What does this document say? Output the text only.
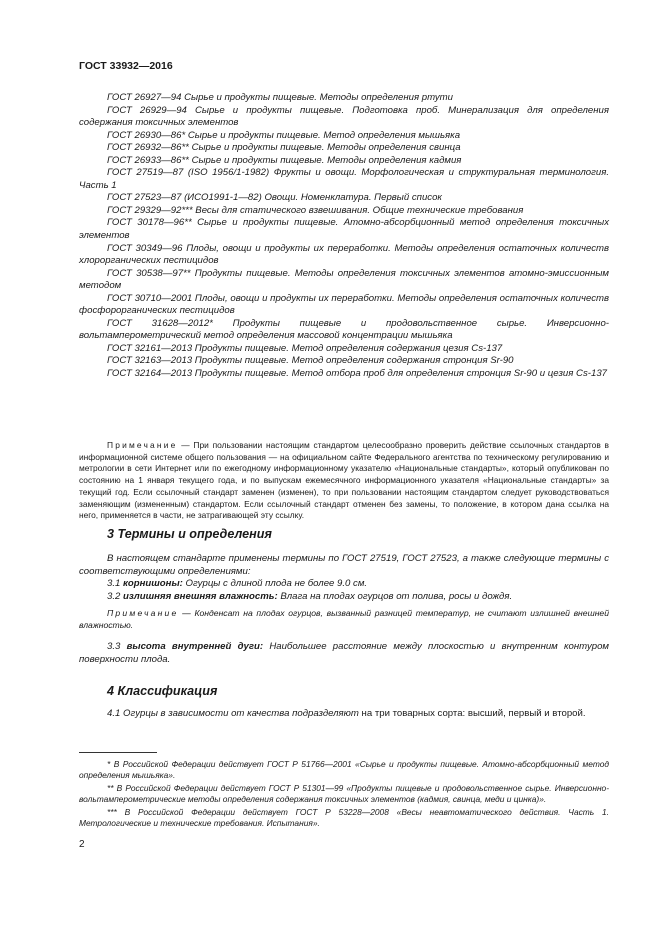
ГОСТ 33932—2016

ГОСТ 26927—94 Сырье и продукты пищевые. Методы определения ртути

ГОСТ 26929—94 Сырье и продукты пищевые. Подготовка проб. Минерализация для определения содержания токсичных элементов

ГОСТ 26930—86* Сырье и продукты пищевые. Метод определения мышьяка

ГОСТ 26932—86** Сырье и продукты пищевые. Методы определения свинца

ГОСТ 26933—86** Сырье и продукты пищевые. Методы определения кадмия

ГОСТ 27519—87 (ISO 1956/1-1982) Фрукты и овощи. Морфологическая и структуральная терминология. Часть 1

ГОСТ 27523—87 (ИСО1991-1—82) Овощи. Номенклатура. Первый список

ГОСТ 29329—92*** Весы для статического взвешивания. Общие технические требования

ГОСТ 30178—96** Сырье и продукты пищевые. Атомно-абсорбционный метод определения токсичных элементов

ГОСТ 30349—96 Плоды, овощи и продукты их переработки. Методы определения остаточных количеств хлорорганических пестицидов

ГОСТ 30538—97** Продукты пищевые. Методы определения токсичных элементов атомно-эмиссионным методом

ГОСТ 30710—2001 Плоды, овощи и продукты их переработки. Методы определения остаточных количеств фосфорорганических пестицидов

ГОСТ 31628—2012* Продукты пищевые и продовольственное сырье. Инверсионно-вольтамперометрический метод определения массовой концентрации мышьяка

ГОСТ 32161—2013 Продукты пищевые. Метод определения содержания цезия Cs-137

ГОСТ 32163—2013 Продукты пищевые. Метод определения содержания стронция Sr-90

ГОСТ 32164—2013 Продукты пищевые. Метод отбора проб для определения стронция Sr-90 и цезия Cs-137

Примечание — При пользовании настоящим стандартом целесообразно проверить действие ссылочных стандартов в информационной системе общего пользования — на официальном сайте Федерального агентства по техническому регулированию и метрологии в сети Интернет или по ежегодному информационному указателю «Национальные стандарты», который опубликован по состоянию на 1 января текущего года, и по выпускам ежемесячного информационного указателя «Национальные стандарты» за текущий год. Если ссылочный стандарт заменен (изменен), то при пользовании настоящим стандартом следует руководствоваться заменяющим (измененным) стандартом. Если ссылочный стандарт отменен без замены, то положение, в котором дана ссылка на него, применяется в части, не затрагивающей эту ссылку.

3 Термины и определения

В настоящем стандарте применены термины по ГОСТ 27519, ГОСТ 27523, а также следующие термины с соответствующими определениями:

3.1 корнишоны: Огурцы с длиной плода не более 9.0 см.

3.2 излишняя внешняя влажность: Влага на плодах огурцов от полива, росы и дождя.

Примечание — Конденсат на плодах огурцов, вызванный разницей температур, не считают излишней внешней влажностью.

3.3 высота внутренней дуги: Наибольшее расстояние между плоскостью и внутренним контуром поверхности плода.

4 Классификация

4.1 Огурцы в зависимости от качества подразделяют на три товарных сорта: высший, первый и второй.

* В Российской Федерации действует ГОСТ Р 51766—2001 «Сырье и продукты пищевые. Атомно-абсорбционный метод определения мышьяка».

** В Российской Федерации действует ГОСТ Р 51301—99 «Продукты пищевые и продовольственное сырье. Инверсионно-вольтамперометрические методы определения содержания токсичных элементов (кадмия, свинца, меди и цинка)».

*** В Российской Федерации действует ГОСТ Р 53228—2008 «Весы неавтоматического действия. Часть 1. Метрологические и технические требования. Испытания».

2
